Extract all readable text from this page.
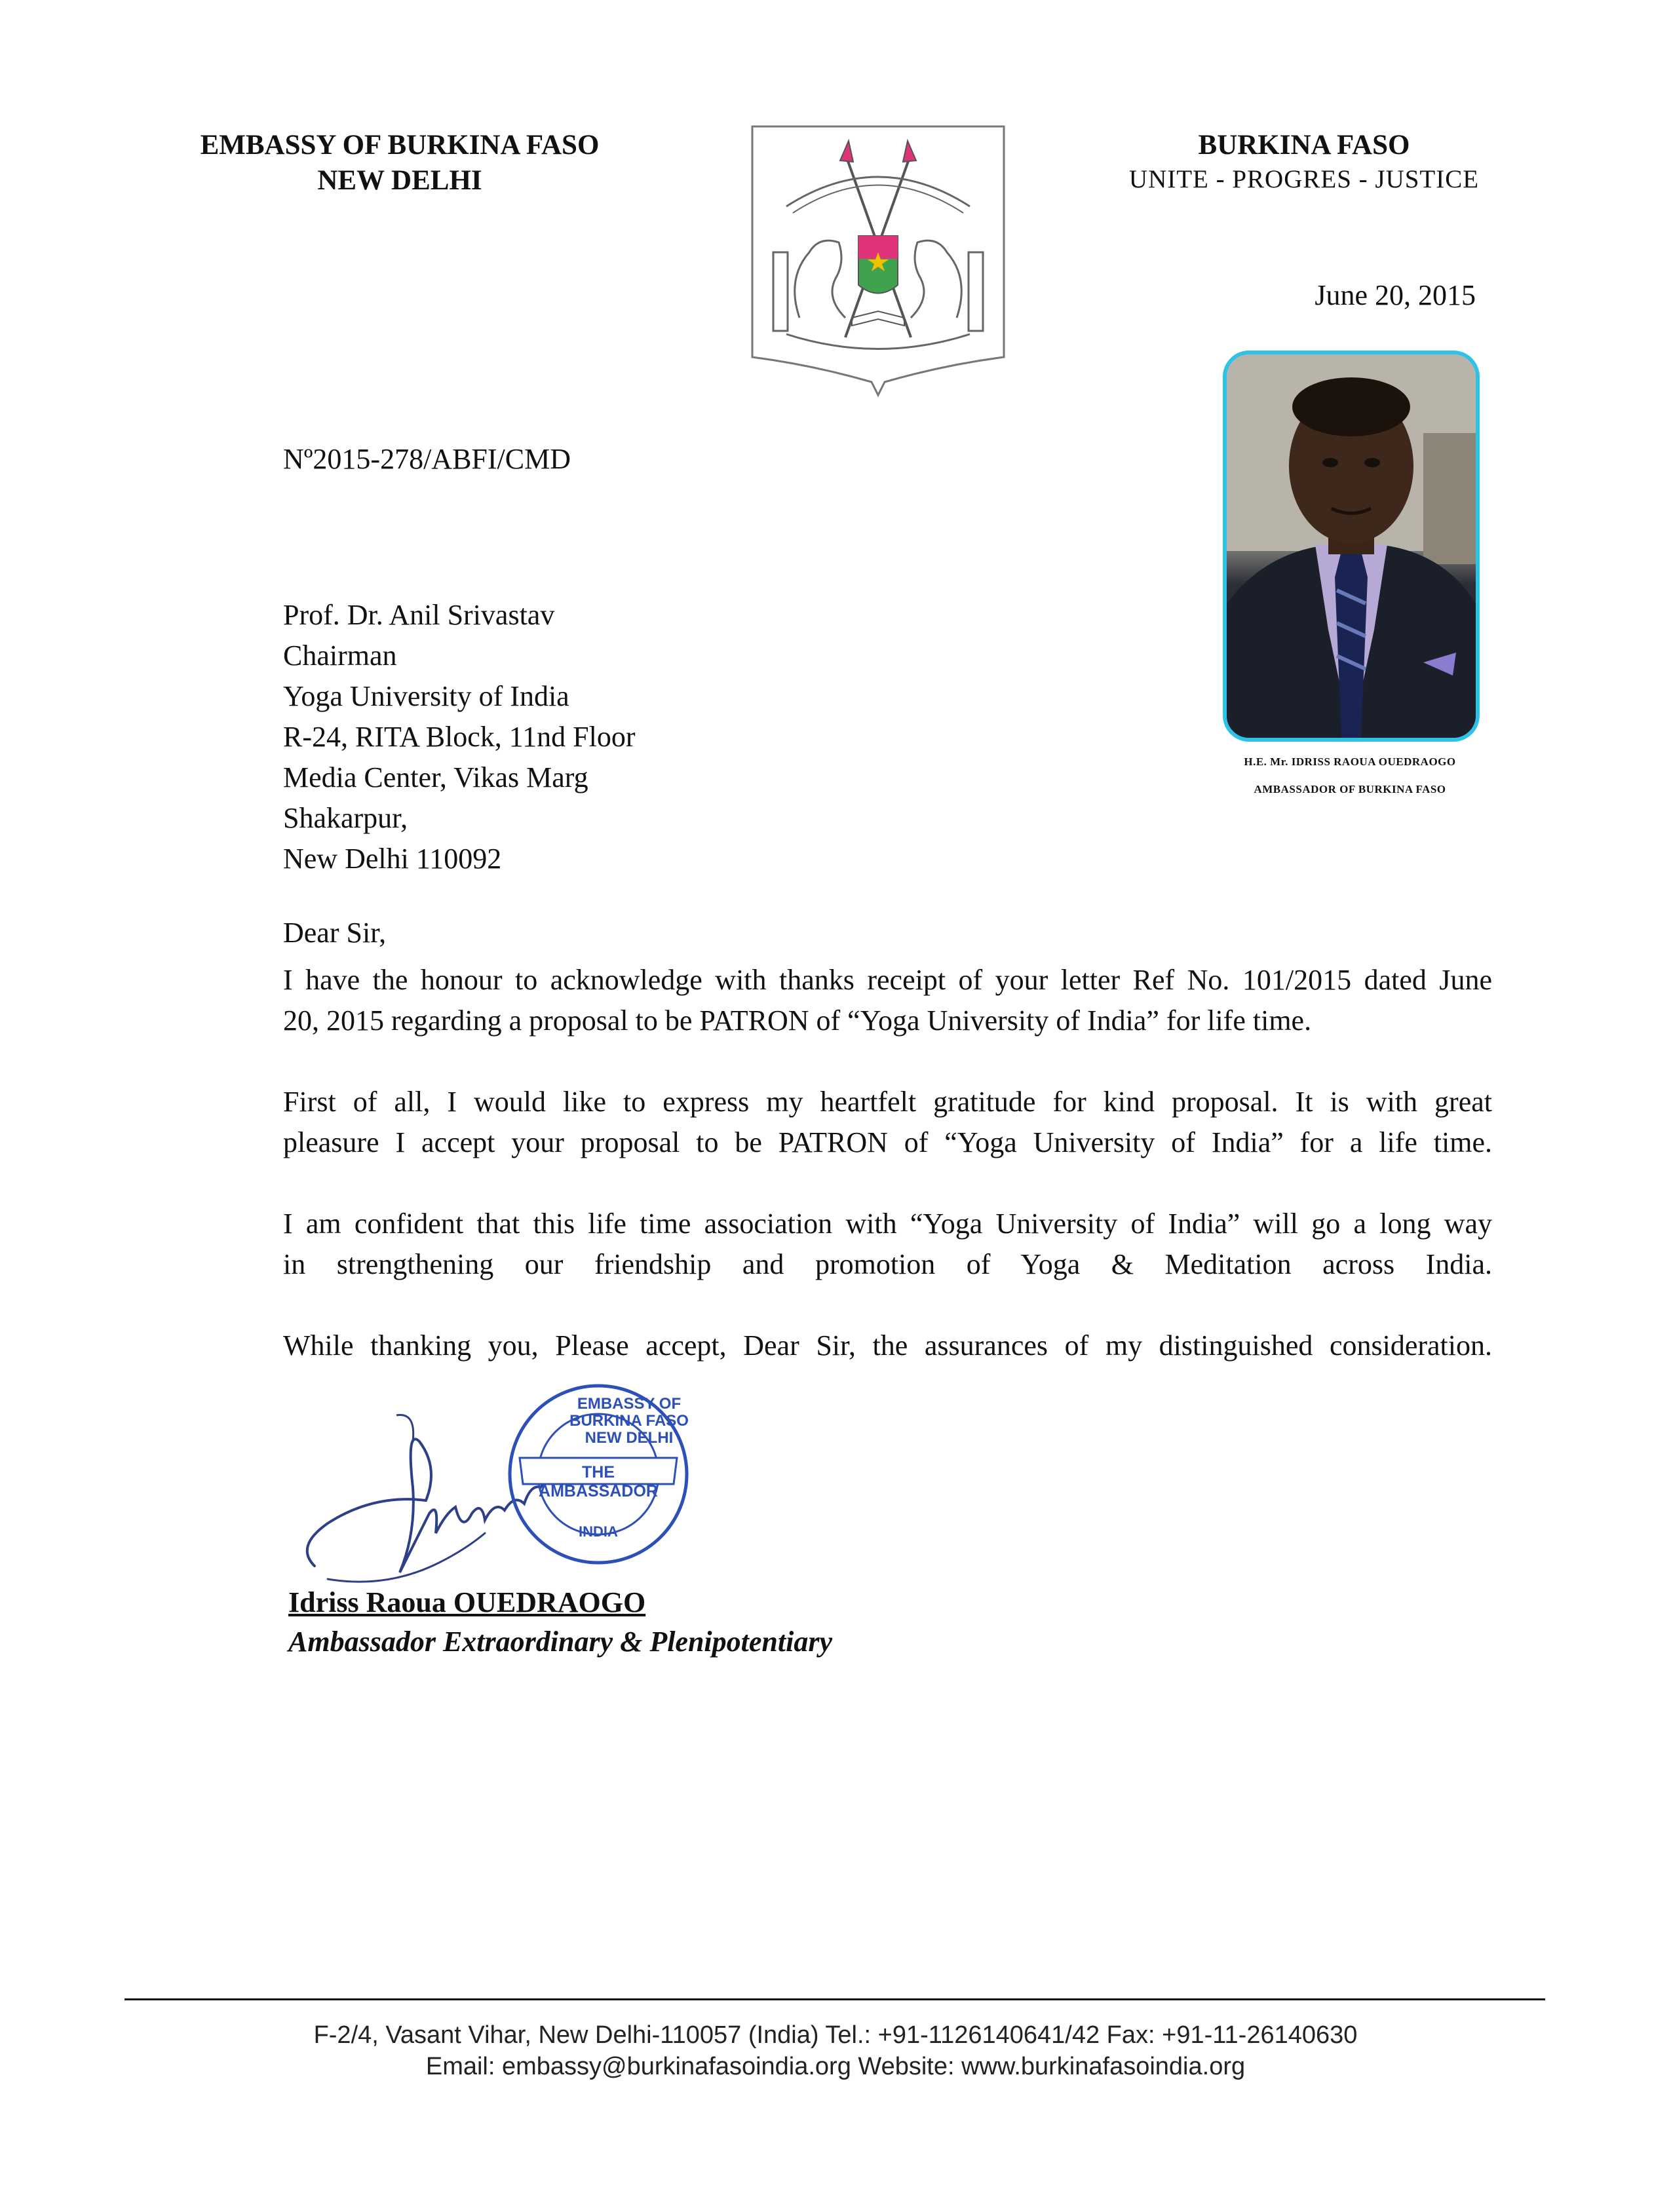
EMBASSY OF BURKINA FASO
NEW DELHI
BURKINA FASO
UNITE - PROGRES - JUSTICE
June 20, 2015
H.E. Mr. IDRISS RAOUA OUEDRAOGO
AMBASSADOR OF BURKINA FASO
Nº2015-278/ABFI/CMD
Prof. Dr. Anil Srivastav
Chairman
Yoga University of India
R-24, RITA Block, 11nd Floor
Media Center, Vikas Marg
Shakarpur,
New Delhi 110092
Dear Sir,
I have the honour to acknowledge with thanks receipt of your letter Ref No. 101/2015 dated June
20, 2015 regarding a proposal to be PATRON of “Yoga University of India” for life time.
First of all, I would like to express my heartfelt gratitude for kind proposal. It is with great
pleasure I accept your proposal to be PATRON of “Yoga University of India” for a life time.
I am confident that this life time association with “Yoga University of India” will go a long way
in strengthening our friendship and promotion of Yoga & Meditation across India.
While thanking you, Please accept, Dear Sir, the assurances of my distinguished consideration.
EMBASSY OF BURKINA FASO NEW DELHI
THE AMBASSADOR
INDIA
Idriss Raoua OUEDRAOGO
Ambassador Extraordinary & Plenipotentiary
F-2/4, Vasant Vihar, New Delhi-110057 (India) Tel.: +91-1126140641/42 Fax: +91-11-26140630
Email: embassy@burkinafasoindia.org Website: www.burkinafasoindia.org
